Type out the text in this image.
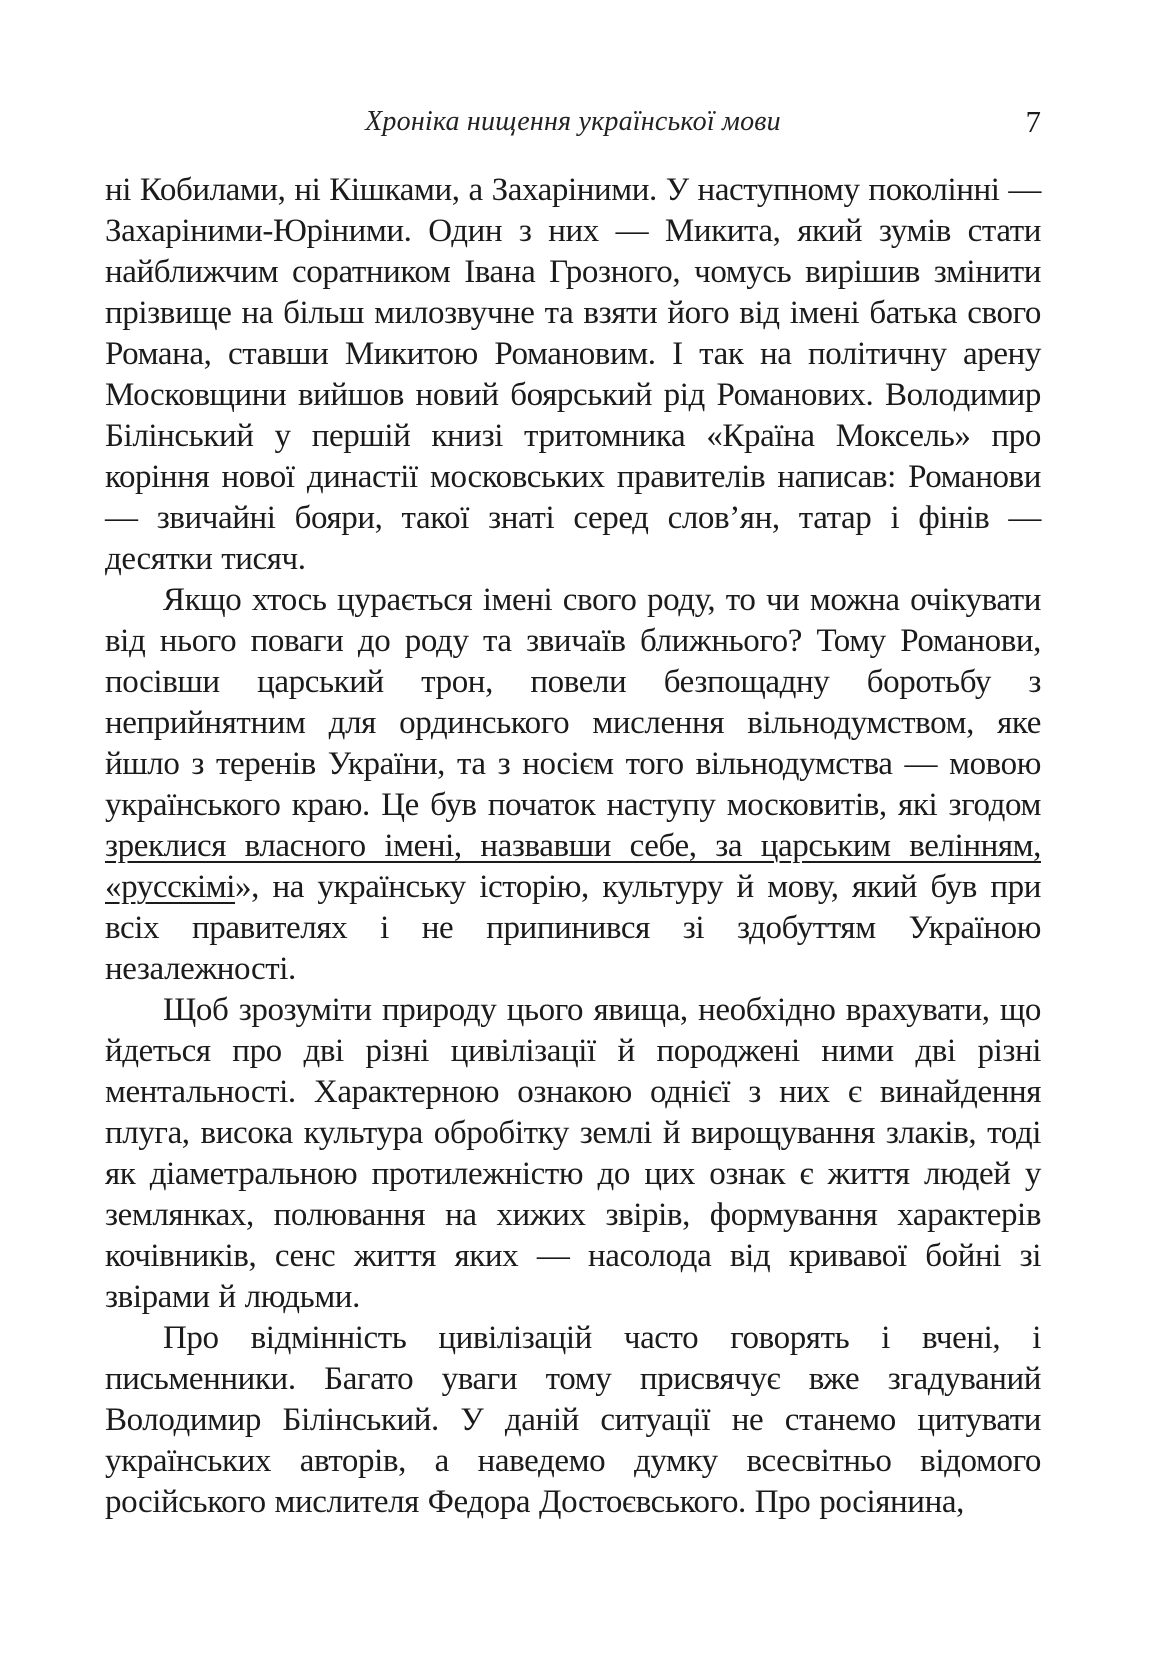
Хроніка нищення української мови	7

ні Кобилами, ні Кішками, а Захаріними. У наступному поколінні — Захаріними-Юріними. Один з них — Микита, який зумів стати найближчим соратником Івана Грозного, чомусь вирішив змінити прізвище на більш милозвучне та взяти його від імені батька свого Романа, ставши Микитою Романовим. І так на політичну арену Московщини вийшов новий боярський рід Романових. Володимир Білінський у першій книзі тритомника «Країна Моксель» про коріння нової династії московських правителів написав: Романови — звичайні бояри, такої знаті серед слов’ян, татар і фінів — десятки тисяч.

Якщо хтось цурається імені свого роду, то чи можна очікувати від нього поваги до роду та звичаїв ближнього? Тому Романови, посівши царський трон, повели безпощадну боротьбу з неприйнятним для ординського мислення вільнодумством, яке йшло з теренів України, та з носієм того вільнодумства — мовою українського краю. Це був початок наступу московитів, які згодом зреклися власного імені, назвавши себе, за царським велінням, «русскімі», на українську історію, культуру й мову, який був при всіх правителях і не припинився зі здобуттям Україною незалежності.

Щоб зрозуміти природу цього явища, необхідно врахувати, що йдеться про дві різні цивілізації й породжені ними дві різні ментальності. Характерною ознакою однієї з них є винайдення плуга, висока культура обробітку землі й вирощування злаків, тоді як діаметральною протилежністю до цих ознак є життя людей у землянках, полювання на хижих звірів, формування характерів кочівників, сенс життя яких — насолода від кривавої бойні зі звірами й людьми.

Про відмінність цивілізацій часто говорять і вчені, і письменники. Багато уваги тому присвячує вже згадуваний Володимир Білінський. У даній ситуації не станемо цитувати українських авторів, а наведемо думку всесвітньо відомого російського мислителя Федора Достоєвського. Про росіянина,
